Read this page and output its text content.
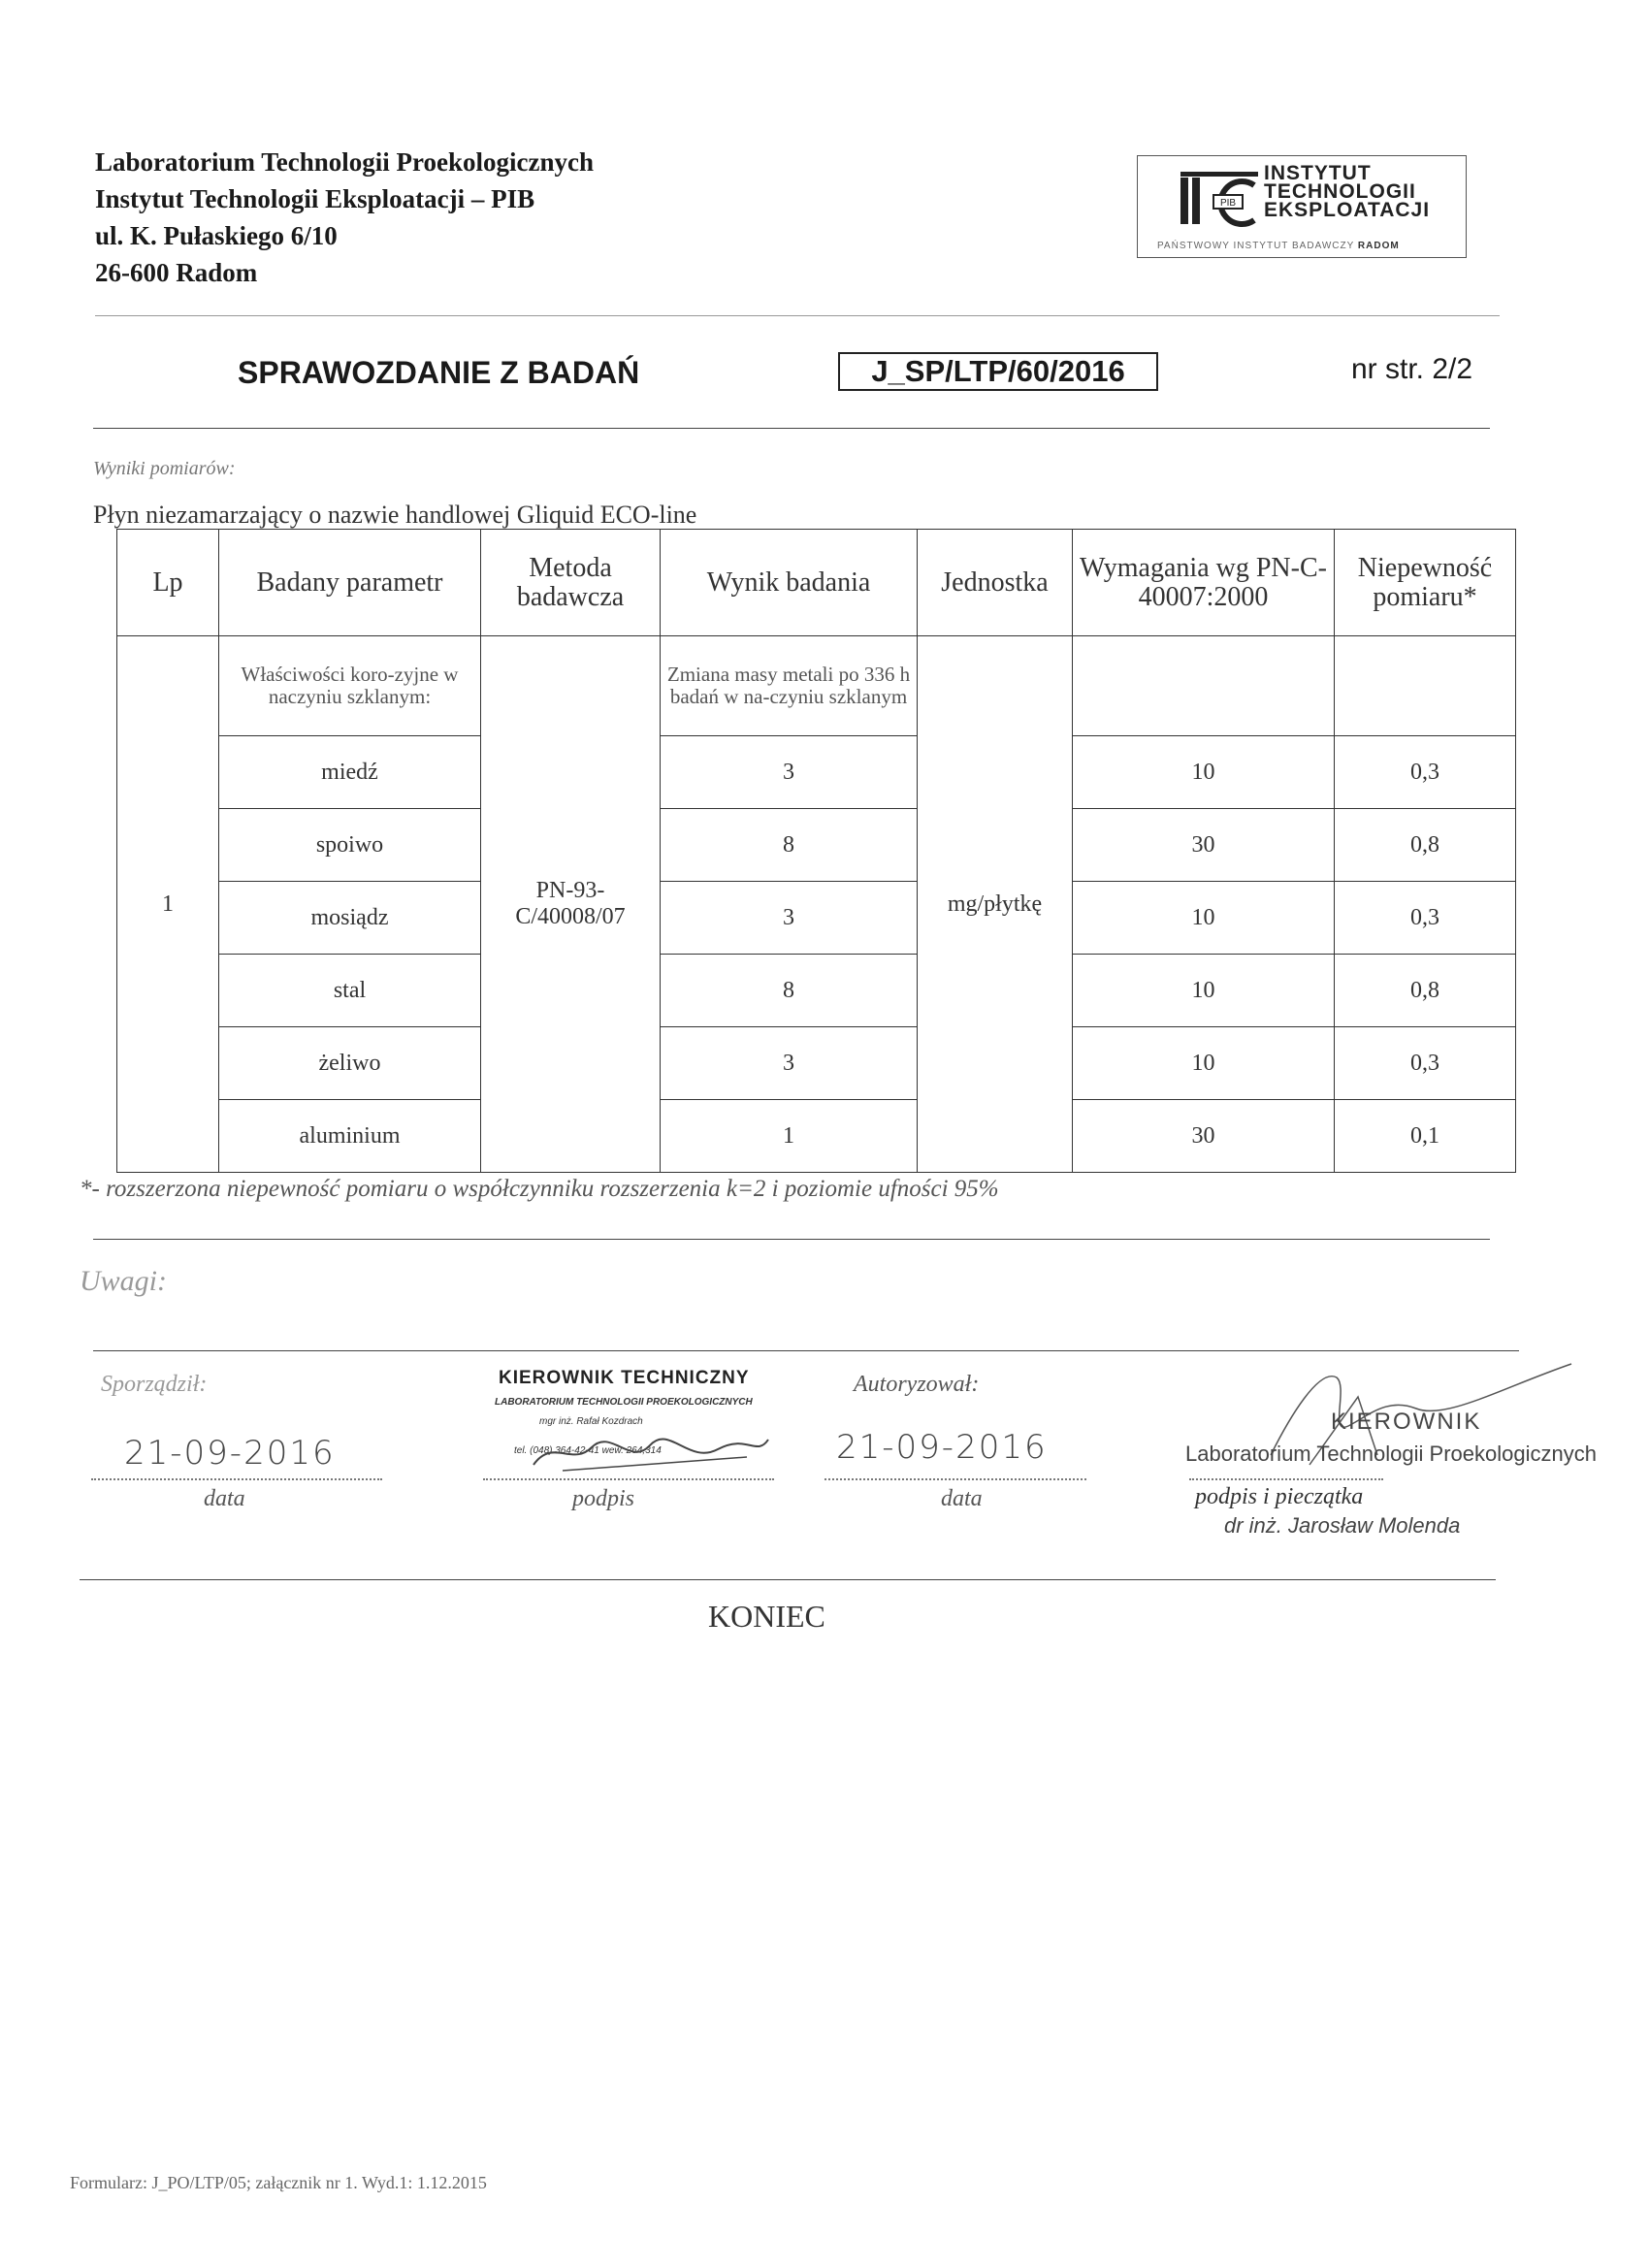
Laboratorium Technologii Proekologicznych
Instytut Technologii Eksploatacji – PIB
ul. K. Pułaskiego 6/10
26-600 Radom
PIB
INSTYTUT
TECHNOLOGII
EKSPLOATACJI
PAŃSTWOWY INSTYTUT BADAWCZY RADOM
SPRAWOZDANIE Z BADAŃ	J_SP/LTP/60/2016	nr str. 2/2
Wyniki pomiarów:
Płyn niezamarzający o nazwie handlowej Gliquid ECO-line
Lp	Badany parametr	Metoda badawcza	Wynik badania	Jednostka	Wymagania wg PN-C-40007:2000	Niepewność pomiaru*
1	Właściwości koro-zyjne w naczyniu szklanym:	PN-93-C/40008/07	Zmiana masy metali po 336 h badań w na-czyniu szklanym	mg/płytkę		
	miedź		3		10	0,3
	spoiwo		8		30	0,8
	mosiądz		3		10	0,3
	stal		8		10	0,8
	żeliwo		3		10	0,3
	aluminium		1		30	0,1
*- rozszerzona niepewność pomiaru o współczynniku rozszerzenia k=2 i poziomie ufności 95%
Uwagi:
Sporządził:
21-09-2016
data
KIEROWNIK TECHNICZNY
LABORATORIUM TECHNOLOGII PROEKOLOGICZNYCH
mgr inż. Rafał Kozdrach
tel. (048) 364-42-41 wew. 264,314
podpis
Autoryzował:
21-09-2016
data
KIEROWNIK
Laboratorium Technologii Proekologicznych
podpis i pieczątka
dr inż. Jarosław Molenda
KONIEC
Formularz: J_PO/LTP/05; załącznik nr 1. Wyd.1: 1.12.2015
